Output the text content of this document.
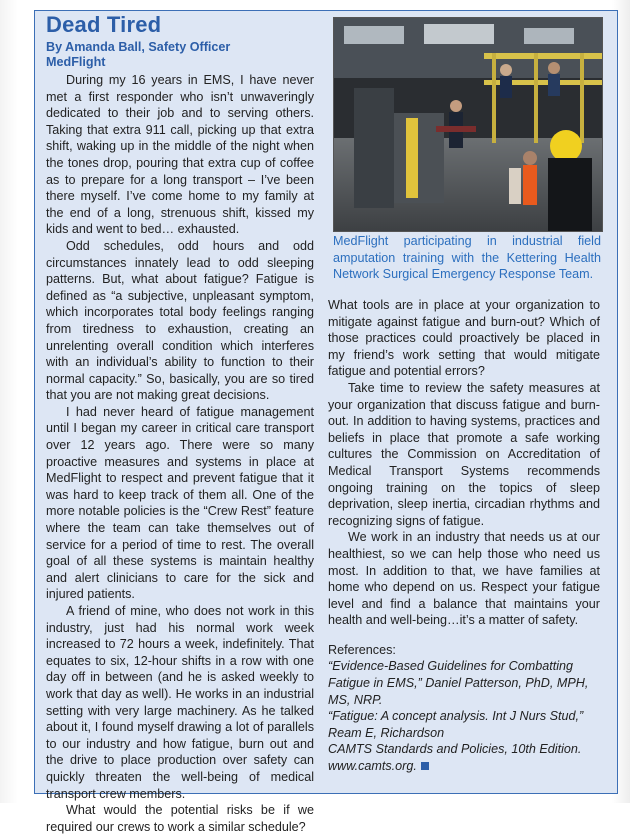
Dead Tired
By Amanda Ball, Safety Officer
MedFlight

During my 16 years in EMS, I have never met a first responder who isn’t unwaveringly dedicated to their job and to serving others. Taking that extra 911 call, picking up that extra shift, waking up in the middle of the night when the tones drop, pouring that extra cup of coffee as to prepare for a long transport – I’ve been there myself. I’ve come home to my family at the end of a long, strenuous shift, kissed my kids and went to bed… exhausted.

Odd schedules, odd hours and odd circumstances innately lead to odd sleeping patterns. But, what about fatigue? Fatigue is defined as “a subjective, unpleasant symptom, which incorporates total body feelings ranging from tiredness to exhaustion, creating an unrelenting overall condition which interferes with an individual’s ability to function to their normal capacity.” So, basically, you are so tired that you are not making great decisions.

I had never heard of fatigue management until I began my career in critical care transport over 12 years ago. There were so many proactive measures and systems in place at MedFlight to respect and prevent fatigue that it was hard to keep track of them all. One of the more notable policies is the “Crew Rest” feature where the team can take themselves out of service for a period of time to rest. The overall goal of all these systems is maintain healthy and alert clinicians to care for the sick and injured patients.

A friend of mine, who does not work in this industry, just had his normal work week increased to 72 hours a week, indefinitely. That equates to six, 12-hour shifts in a row with one day off in between (and he is asked weekly to work that day as well). He works in an industrial setting with very large machinery. As he talked about it, I found myself drawing a lot of parallels to our industry and how fatigue, burn out and the drive to place production over safety can quickly threaten the well-being of medical transport crew members.

What would the potential risks be if we required our crews to work a similar schedule?

MedFlight participating in industrial field amputation training with the Kettering Health Network Surgical Emergency Response Team.

What tools are in place at your organization to mitigate against fatigue and burn-out? Which of those practices could proactively be placed in my friend’s work setting that would mitigate fatigue and potential errors?

Take time to review the safety measures at your organization that discuss fatigue and burn-out. In addition to having systems, practices and beliefs in place that promote a safe working cultures the Commission on Accreditation of Medical Transport Systems recommends ongoing training on the topics of sleep deprivation, sleep inertia, circadian rhythms and recognizing signs of fatigue.

We work in an industry that needs us at our healthiest, so we can help those who need us most. In addition to that, we have families at home who depend on us. Respect your fatigue level and find a balance that maintains your health and well-being…it’s a matter of safety.

References:

“Evidence-Based Guidelines for Combatting Fatigue in EMS,” Daniel Patterson, PhD, MPH, MS, NRP.

“Fatigue: A concept analysis. Int J Nurs Stud,” Ream E, Richardson

CAMTS Standards and Policies, 10th Edition. www.camts.org.
